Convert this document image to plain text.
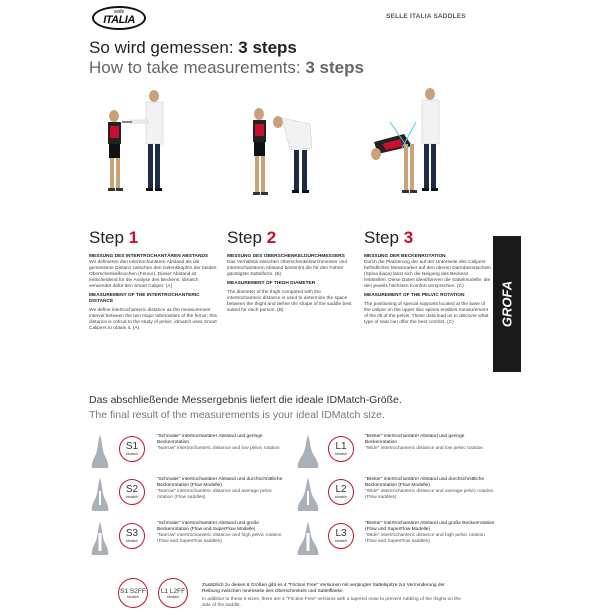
selle
ITALIA	SELLE ITALIA SADDLES
So wird gemessen: 3 steps
How to take measurements: 3 steps
Step 1	Step 2	Step 3

MESSUNG DES INTERTROCHANTÄREN ABSTANDS

Wir definieren den intertrochantären Abstand als die gemessene Distanz zwischen den Gelenkköpfen der beiden Oberschenkelknochen (Femur). Dieser Abstand ist entscheidend für die Analyse des Beckens. idmatch verwendet dafür den Smart Caliper. (A)

MEASUREMENT OF THE INTERTROCHANTERIC DISTANCE

We define intertrochanteric distance as the measurement interval between the two major tuberosities of the femur; this distance is critical to the study of pelvis. idmatch uses Smart Calipers to obtain it. (A)

MESSUNG DES OBERSCHENKELDURCHMESSERS

Das Verhältnis zwischen Oberschenkeldurchmesser und intertrochantärem Abstand bestimmt die für den Fahrer günstigste Sattelform. (B)

MEASUREMENT OF THIGH DIAMETER

The diameter of the thigh compared with the intertrochanteric distance is used to determine the space between the thight and define the shape of the saddle best suited for each person. (B)

MESSUNG DER BECKENROTATION

Durch die Platzierung der auf der Unterseite des Calipers befindlichen Messmarker auf den oberen Darmbeinstachein (Spina iliaca) lässt sich die Neigung des Beckens feststellen. Diese Daten identifizieren die Sattelmodelle, die den jeweils höchsten Komfort versprechen. (C)

MEASUREMENT OF THE PELVIC ROTATION

The positioning of special supports located at the base of the caliper on the upper iliac spines enables measurement of the tilt of the pelvis. These data lead us to discover what type of seat can offer the best comfort. (C)	GROFA
Das abschließende Messergebnis liefert die ideale IDMatch-Größe.
The final result of the measurements is your ideal IDMatch size.
S1
idmatch

"Schmaler" intertrochantärer Abstand und geringe Beckenrotation

"Narrow" intertrochanteric distance and low pelvic rotation	L1
idmatch

"Breiter" intertrochantärer Abstand und geringe Beckenrotation

"Wide" intertrochanteric distance and low pelvic rotation

S2
idmatch

"Schmaler" intertrochantärer Abstand und durchschnittliche Beckenrotation (Flow Modelle)

"Narrow" intertrochanteric distance and average pelvic rotation (Flow saddles)

L2
idmatch

"Breiter" intertrochantärer Abstand und durchschnittliche Beckenrotation (Flow Modelle)

"Wide" intertrochanteric distance and average pelvic rotation (Flow saddles)

S3
idmatch

"Schmaler" intertrochantärer Abstand und große Beckenrotation (Flow und SuperFlow Modelle)

"Narrow" intertrochanteric distance and high pelvic rotation (Flow and SuperFlow saddles)

L3
idmatch

"Breiter" intertrochantärer Abstand und große Beckenrotation (Flow und SuperFlow Modelle)

"Wide" intertrochanteric distance and high pelvic rotation (Flow and SuperFlow saddles)

S1 S2FF
idmatch
L1 L2FF
idmatch
Zusätzlich zu diesen 6 Größen gibt es 4 "Friction Free" Versionen mit verjüngter Sattelspitze zur Verminderung der Reibung zwischen Innenseite des Oberschenkels und Sattelflanke.
In addition to these 6 sizes, there are 4 "Friction Free" versions with a tapered nose to prevent rubbing of the thighs on the side of the saddle.
